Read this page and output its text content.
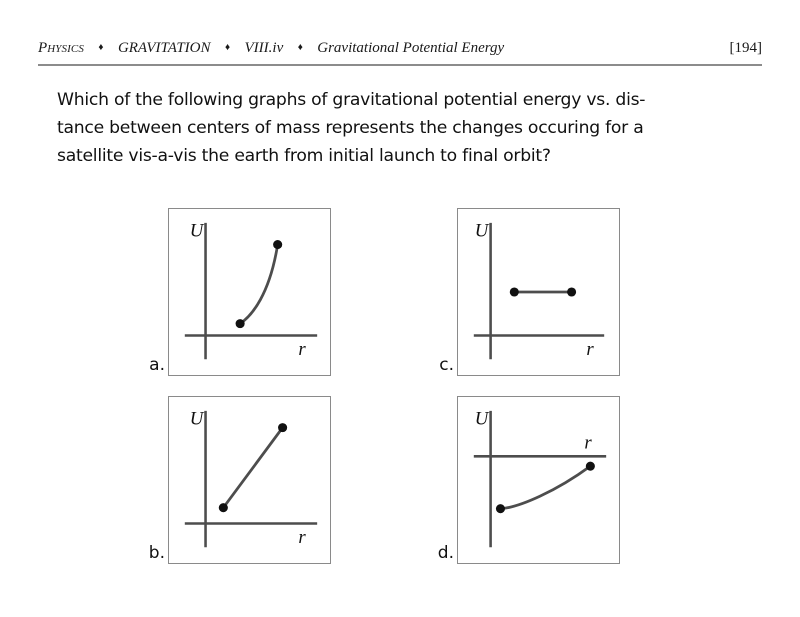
Physics ♦ GRAVITATION ♦ VIII.iv ♦ Gravitational Potential Energy	[194]
Which of the following graphs of gravitational potential energy vs. dis-
tance between centers of mass represents the changes occuring for a
satellite vis-a-vis the earth from initial launch to final orbit?
a.
U
r
b.
U
r
c.
U
r
d.
U
r
